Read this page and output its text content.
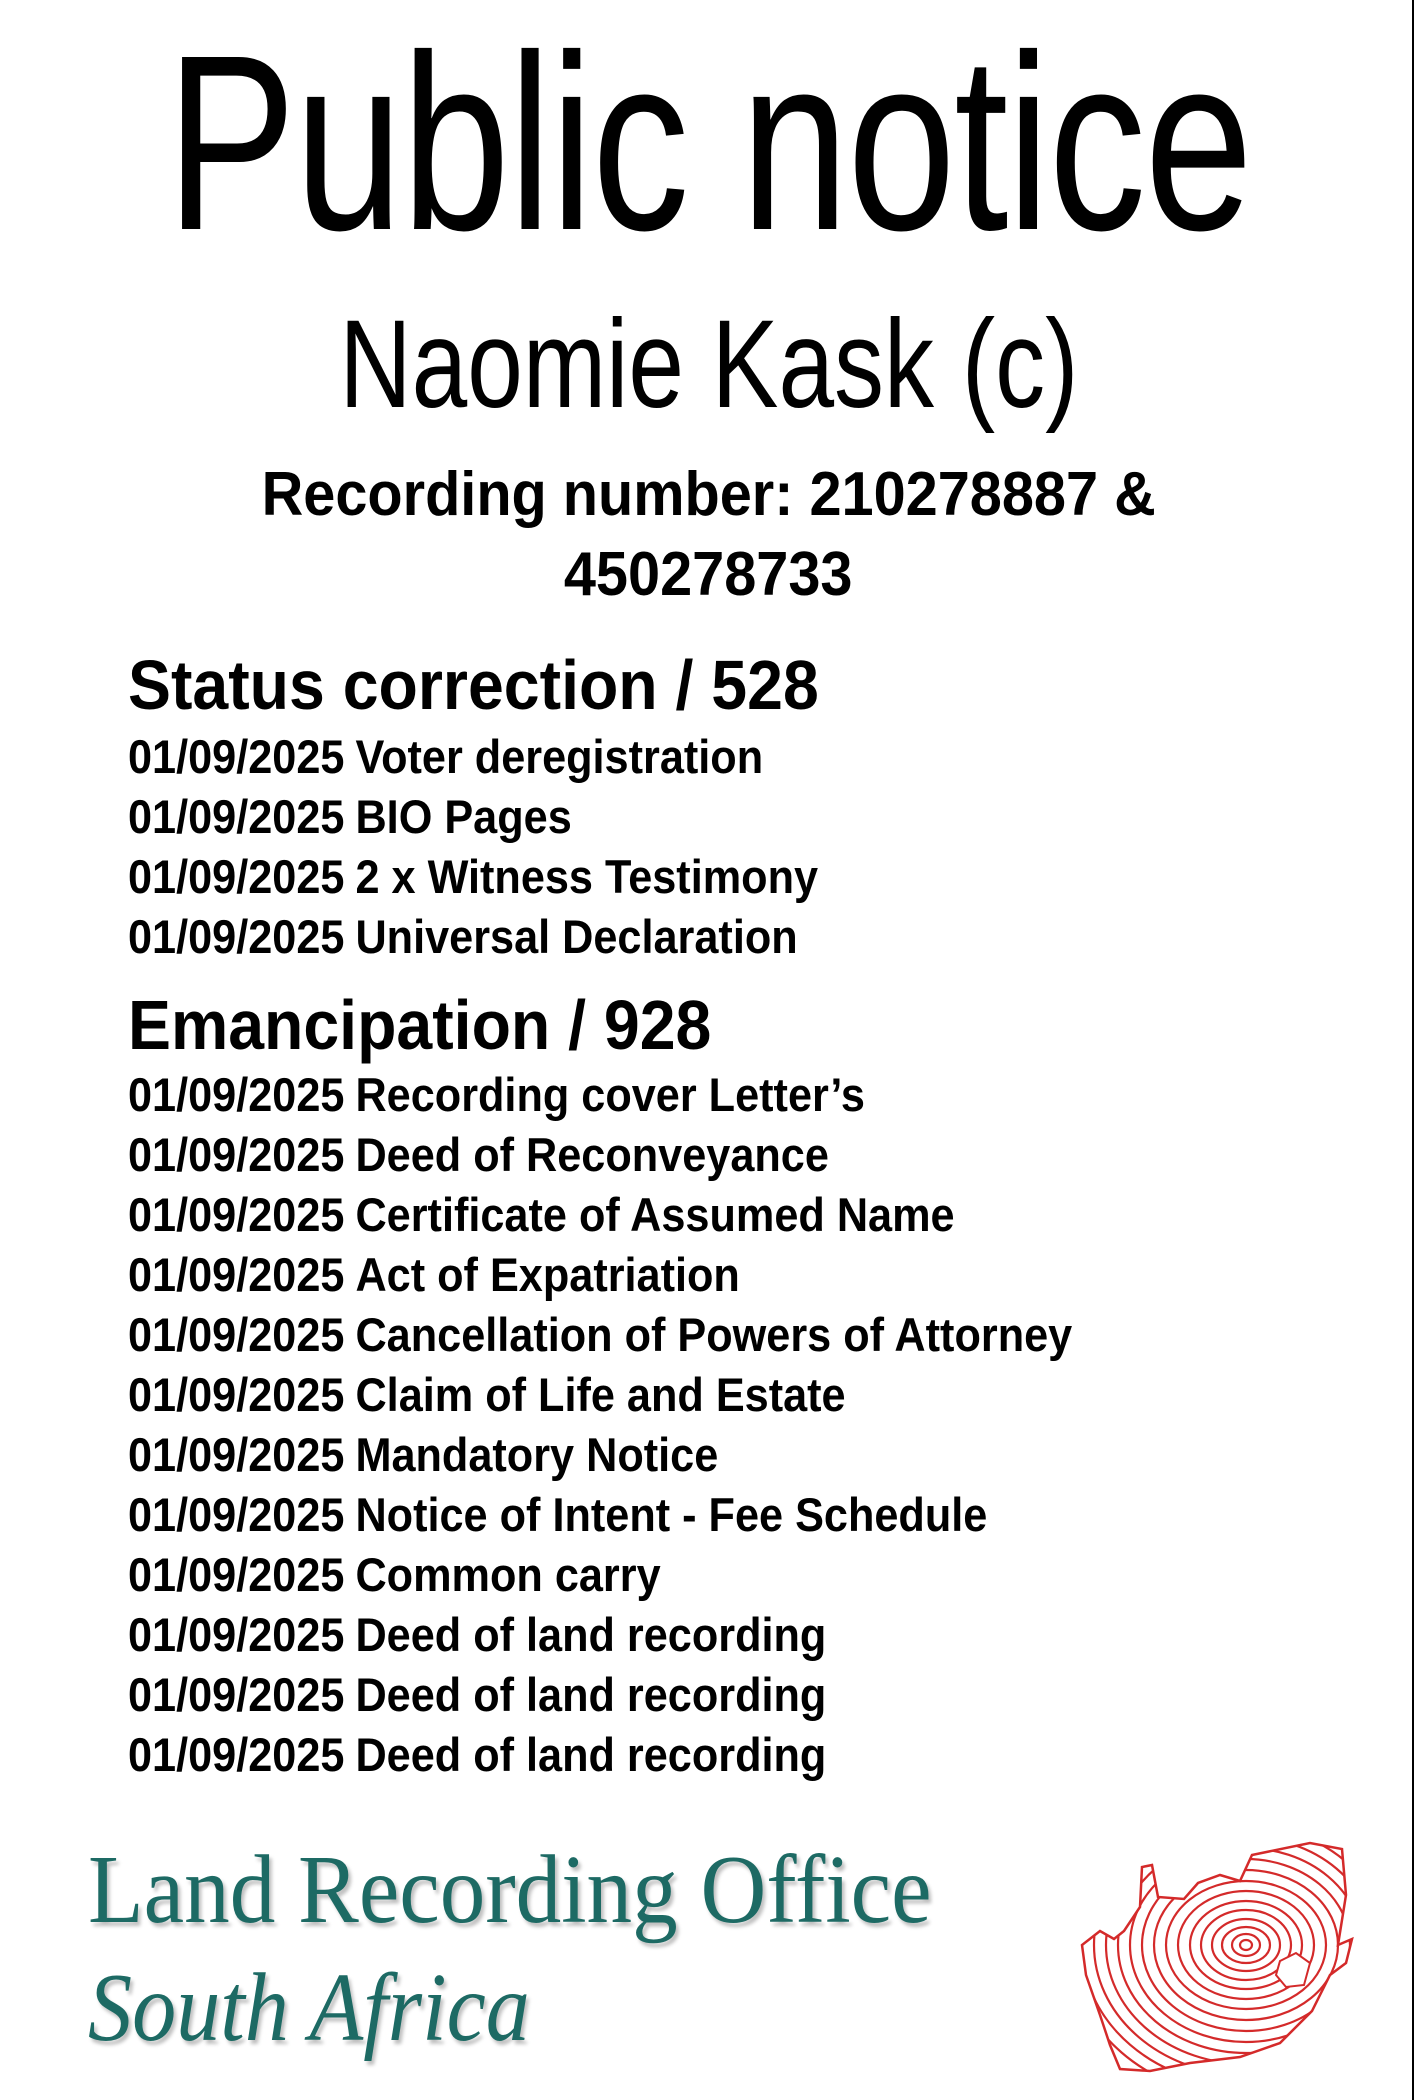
Public notice
Naomie Kask (c)
Recording number: 210278887 &
450278733
Status correction / 528
01/09/2025 Voter deregistration
01/09/2025 BIO Pages
01/09/2025 2 x Witness Testimony
01/09/2025 Universal Declaration
Emancipation / 928
01/09/2025 Recording cover Letter’s
01/09/2025 Deed of Reconveyance
01/09/2025 Certificate of Assumed Name
01/09/2025 Act of Expatriation
01/09/2025 Cancellation of Powers of Attorney
01/09/2025 Claim of Life and Estate
01/09/2025 Mandatory Notice
01/09/2025 Notice of Intent - Fee Schedule
01/09/2025 Common carry
01/09/2025 Deed of land recording
01/09/2025 Deed of land recording
01/09/2025 Deed of land recording
Land Recording Office
South Africa
